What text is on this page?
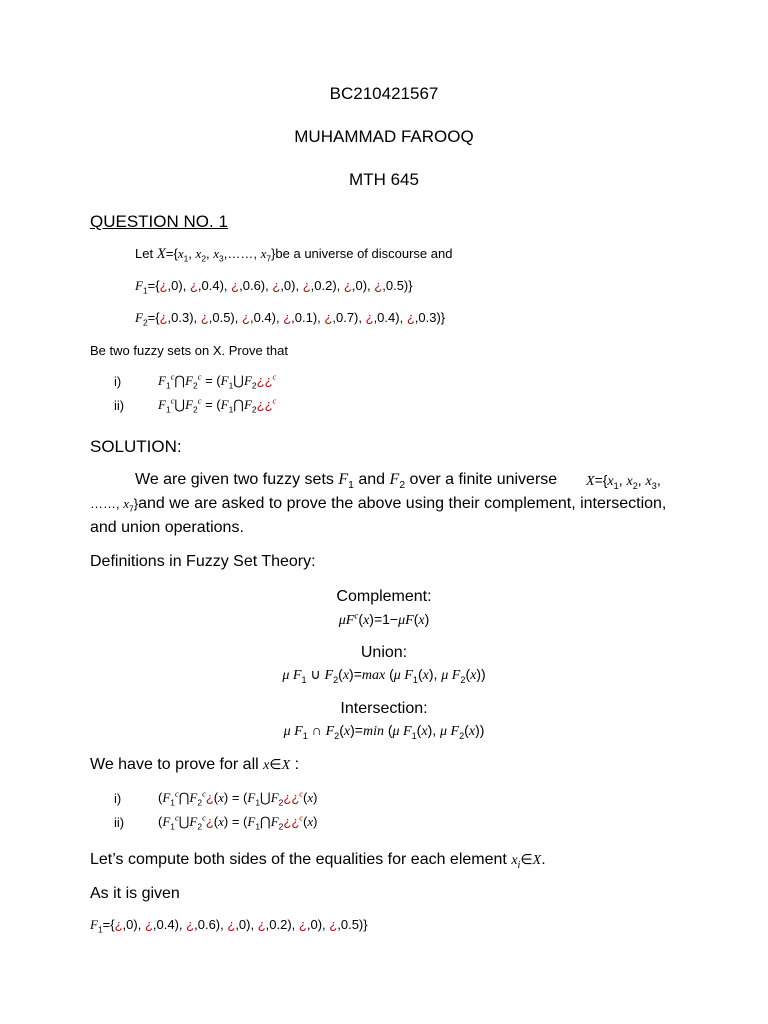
BC210421567
MUHAMMAD FAROOQ
MTH 645
QUESTION NO. 1
Let $X=\{x_1$, $x_2$, $x_3,\dots\dots$, $x_7\}be$ a universe of discourse and
$F_1=\{¿,0)$, ¿,0.4), ¿,0.6), ¿,0), ¿,0.2), ¿,0), ¿,0.5)}
$F_2=\{¿,0.3)$, ¿,0.5), ¿,0.4), ¿,0.1), ¿,0.7), ¿,0.4), ¿,0.3)}
Be two fuzzy sets on X. Prove that
i)	$F_1^c⋂F_2^c$ = ($F_1⋃F_2¿¿^c$
ii)	$F_1^c⋃F_2^c$ = ($F_1⋂F_2¿¿^c$
SOLUTION:
We are given two fuzzy sets $F_1$ and $F_2$ over a finite universe $X=\{x_1$, $x_2$, $x_3$,
……, $x_7\}and$ we are asked to prove the above using their complement, intersection,
and union operations.
Definitions in Fuzzy Set Theory:
Complement:
$\mu F^c(x)=1-\mu F(x)$
Union:
μ $F_1$ ∪ $F_2(x)=\max$ (μ $F_1(x)$, μ $F_2(x)$)
Intersection:
μ $F_1$ ∩ $F_2(x)=\min$ (μ $F_1(x)$, μ $F_2(x)$)
We have to prove for all x∈X :
i)	($F_1^c⋂F_2^c¿(x)$ = ($F_1⋃F_2¿¿^c(x)$
ii)	($F_1^c⋃F_2^c¿(x)$ = ($F_1⋂F_2¿¿^c(x)$
Let’s compute both sides of the equalities for each element $x_i\in X$.
As it is given
$F_1=\{¿,0)$, ¿,0.4), ¿,0.6), ¿,0), ¿,0.2), ¿,0), ¿,0.5)}
